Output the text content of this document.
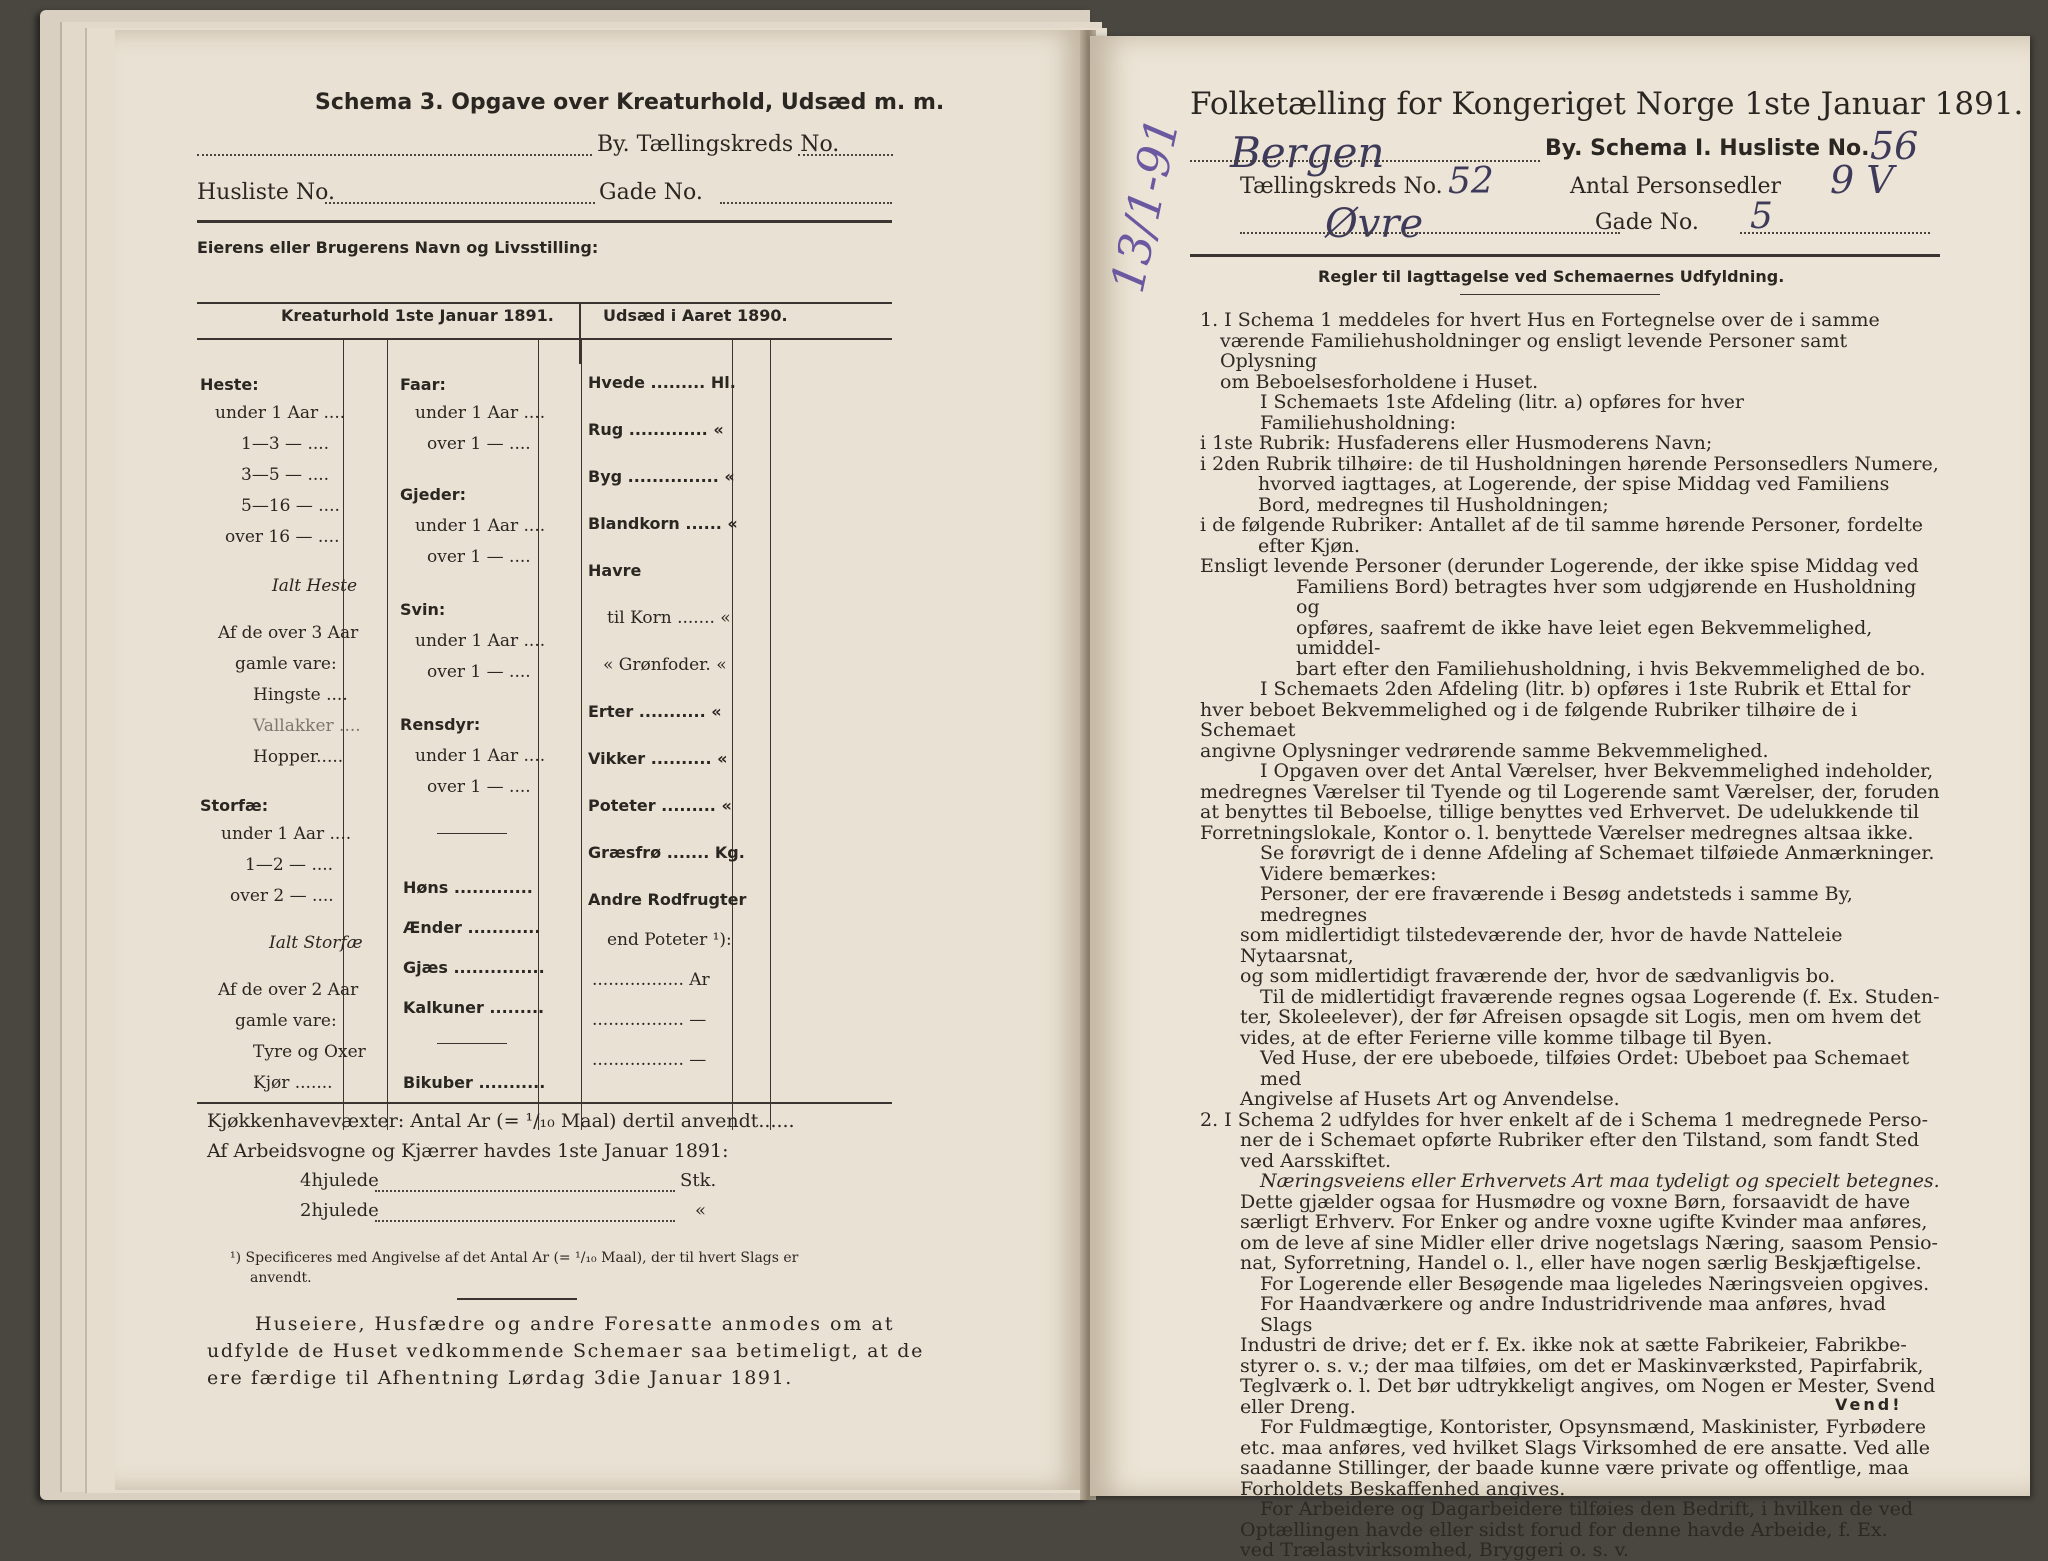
Schema 3. Opgave over Kreaturhold, Udsæd m. m.
By. Tællingskreds No.
Husliste No.	Gade No.
Eierens eller Brugerens Navn og Livsstilling:
Kreaturhold 1ste Januar 1891.	Udsæd i Aaret 1890.
Heste:
under 1 Aar ....
1—3 — ....
3—5 — ....
5—16 — ....
over 16 — ....
Ialt Heste
Af de over 3 Aar
gamle vare:
Hingste ....
Vallakker ....
Hopper.....
Storfæ:
under 1 Aar ....
1—2 — ....
over 2 — ....
Ialt Storfæ
Af de over 2 Aar
gamle vare:
Tyre og Oxer
Kjør .......
Faar:
under 1 Aar ....
over 1 — ....
Gjeder:
under 1 Aar ....
over 1 — ....
Svin:
under 1 Aar ....
over 1 — ....
Rensdyr:
under 1 Aar ....
over 1 — ....
Høns .............
Ænder ............
Gjæs ...............
Kalkuner .........
Bikuber ...........
Hvede ......... Hl.
Rug ............. «
Byg ............... «
Blandkorn ...... «
Havre
til Korn ....... «
« Grønfoder. «
Erter ........... «
Vikker .......... «
Poteter ......... «
Græsfrø ....... Kg.
Andre Rodfrugter
end Poteter ¹):
................. Ar
................. —
................. —
Kjøkkenhavevæxter: Antal Ar (= ¹/₁₀ Maal) dertil anvendt......
Af Arbeidsvogne og Kjærrer havdes 1ste Januar 1891:
4hjulede	Stk.
2hjulede	«
¹) Specificeres med Angivelse af det Antal Ar (= ¹/₁₀ Maal), der til hvert Slags er
anvendt.
Huseiere, Husfædre og andre Foresatte anmodes om at
udfylde de Huset vedkommende Schemaer saa betimeligt, at de
ere færdige til Afhentning Lørdag 3die Januar 1891.
13/1-91
Folketælling for Kongeriget Norge 1ste Januar 1891.
Bergen	By. Schema I. Husliste No. 56
Tællingskreds No. 52	Antal Personsedler 9 V
Øvre	Gade No. 5
Regler til Iagttagelse ved Schemaernes Udfyldning.
1. I Schema 1 meddeles for hvert Hus en Fortegnelse over de i samme
værende Familiehusholdninger og ensligt levende Personer samt Oplysning
om Beboelsesforholdene i Huset.
I Schemaets 1ste Afdeling (litr. a) opføres for hver Familiehusholdning:
i 1ste Rubrik: Husfaderens eller Husmoderens Navn;
i 2den Rubrik tilhøire: de til Husholdningen hørende Personsedlers Numere,
hvorved iagttages, at Logerende, der spise Middag ved Familiens
Bord, medregnes til Husholdningen;
i de følgende Rubriker: Antallet af de til samme hørende Personer, fordelte
efter Kjøn.
Ensligt levende Personer (derunder Logerende, der ikke spise Middag ved
Familiens Bord) betragtes hver som udgjørende en Husholdning og
opføres, saafremt de ikke have leiet egen Bekvemmelighed, umiddel-
bart efter den Familiehusholdning, i hvis Bekvemmelighed de bo.
I Schemaets 2den Afdeling (litr. b) opføres i 1ste Rubrik et Ettal for
hver beboet Bekvemmelighed og i de følgende Rubriker tilhøire de i Schemaet
angivne Oplysninger vedrørende samme Bekvemmelighed.
I Opgaven over det Antal Værelser, hver Bekvemmelighed indeholder,
medregnes Værelser til Tyende og til Logerende samt Værelser, der, foruden
at benyttes til Beboelse, tillige benyttes ved Erhvervet. De udelukkende til
Forretningslokale, Kontor o. l. benyttede Værelser medregnes altsaa ikke.
Se forøvrigt de i denne Afdeling af Schemaet tilføiede Anmærkninger.
Videre bemærkes:
Personer, der ere fraværende i Besøg andetsteds i samme By, medregnes
som midlertidigt tilstedeværende der, hvor de havde Natteleie Nytaarsnat,
og som midlertidigt fraværende der, hvor de sædvanligvis bo.
Til de midlertidigt fraværende regnes ogsaa Logerende (f. Ex. Studen-
ter, Skoleelever), der før Afreisen opsagde sit Logis, men om hvem det
vides, at de efter Ferierne ville komme tilbage til Byen.
Ved Huse, der ere ubeboede, tilføies Ordet: Ubeboet paa Schemaet med
Angivelse af Husets Art og Anvendelse.
2. I Schema 2 udfyldes for hver enkelt af de i Schema 1 medregnede Perso-
ner de i Schemaet opførte Rubriker efter den Tilstand, som fandt Sted
ved Aarsskiftet.
Næringsveiens eller Erhvervets Art maa tydeligt og specielt betegnes.
Dette gjælder ogsaa for Husmødre og voxne Børn, forsaavidt de have
særligt Erhverv. For Enker og andre voxne ugifte Kvinder maa anføres,
om de leve af sine Midler eller drive nogetslags Næring, saasom Pensio-
nat, Syforretning, Handel o. l., eller have nogen særlig Beskjæftigelse.
For Logerende eller Besøgende maa ligeledes Næringsveien opgives.
For Haandværkere og andre Industridrivende maa anføres, hvad Slags
Industri de drive; det er f. Ex. ikke nok at sætte Fabrikeier, Fabrikbe-
styrer o. s. v.; der maa tilføies, om det er Maskinværksted, Papirfabrik,
Teglværk o. l. Det bør udtrykkeligt angives, om Nogen er Mester, Svend
eller Dreng.
For Fuldmægtige, Kontorister, Opsynsmænd, Maskinister, Fyrbødere
etc. maa anføres, ved hvilket Slags Virksomhed de ere ansatte. Ved alle
saadanne Stillinger, der baade kunne være private og offentlige, maa
Forholdets Beskaffenhed angives.
For Arbeidere og Dagarbeidere tilføies den Bedrift, i hvilken de ved
Optællingen havde eller sidst forud for denne havde Arbeide, f. Ex.
ved Trælastvirksomhed, Bryggeri o. s. v.
Vend!
